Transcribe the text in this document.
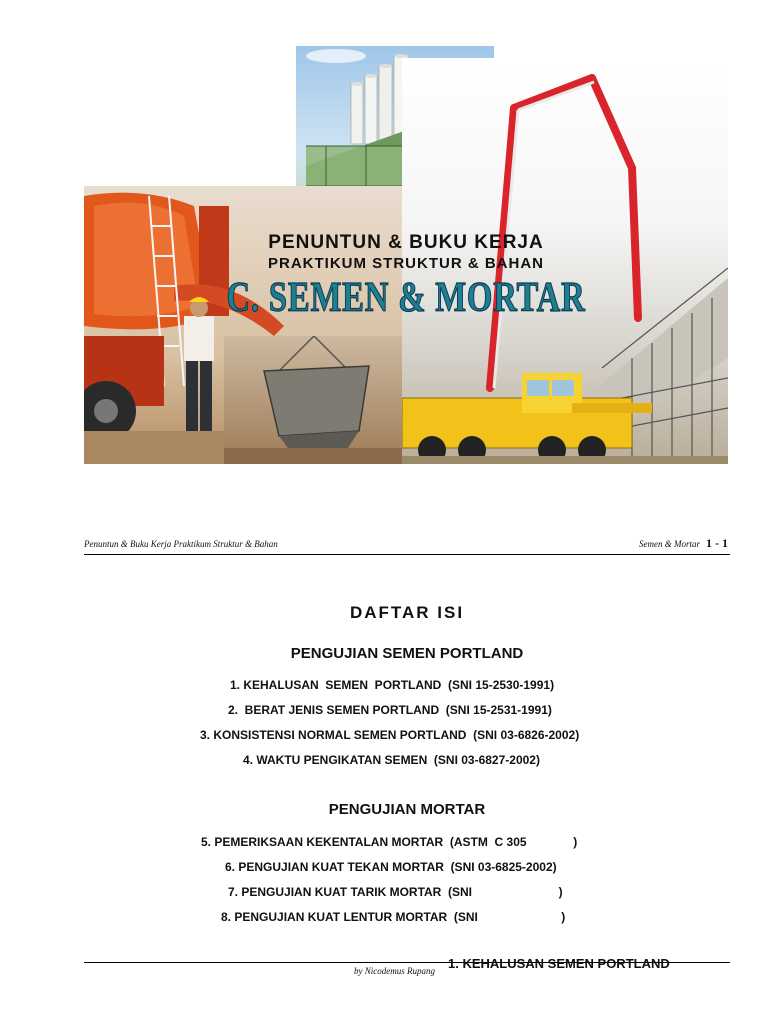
PENUNTUN & BUKU KERJA
PRAKTIKUM STRUKTUR & BAHAN
C. SEMEN & MORTAR
Penuntun & Buku Kerja Praktikum Struktur & Bahan	Semen & Mortar 1 - 1
DAFTAR ISI
PENGUJIAN SEMEN PORTLAND
1. KEHALUSAN  SEMEN  PORTLAND  (SNI 15-2530-1991)
2.  BERAT JENIS SEMEN PORTLAND  (SNI 15-2531-1991)
3. KONSISTENSI NORMAL SEMEN PORTLAND  (SNI 03-6826-2002)
4. WAKTU PENGIKATAN SEMEN  (SNI 03-6827-2002)
PENGUJIAN MORTAR
5. PEMERIKSAAN KEKENTALAN MORTAR  (ASTM  C 305              )
6. PENGUJIAN KUAT TEKAN MORTAR  (SNI 03-6825-2002)
7. PENGUJIAN KUAT TARIK MORTAR  (SNI                          )
8. PENGUJIAN KUAT LENTUR MORTAR  (SNI                         )
by Nicodemus Rupang 1. KEHALUSAN SEMEN PORTLAND
